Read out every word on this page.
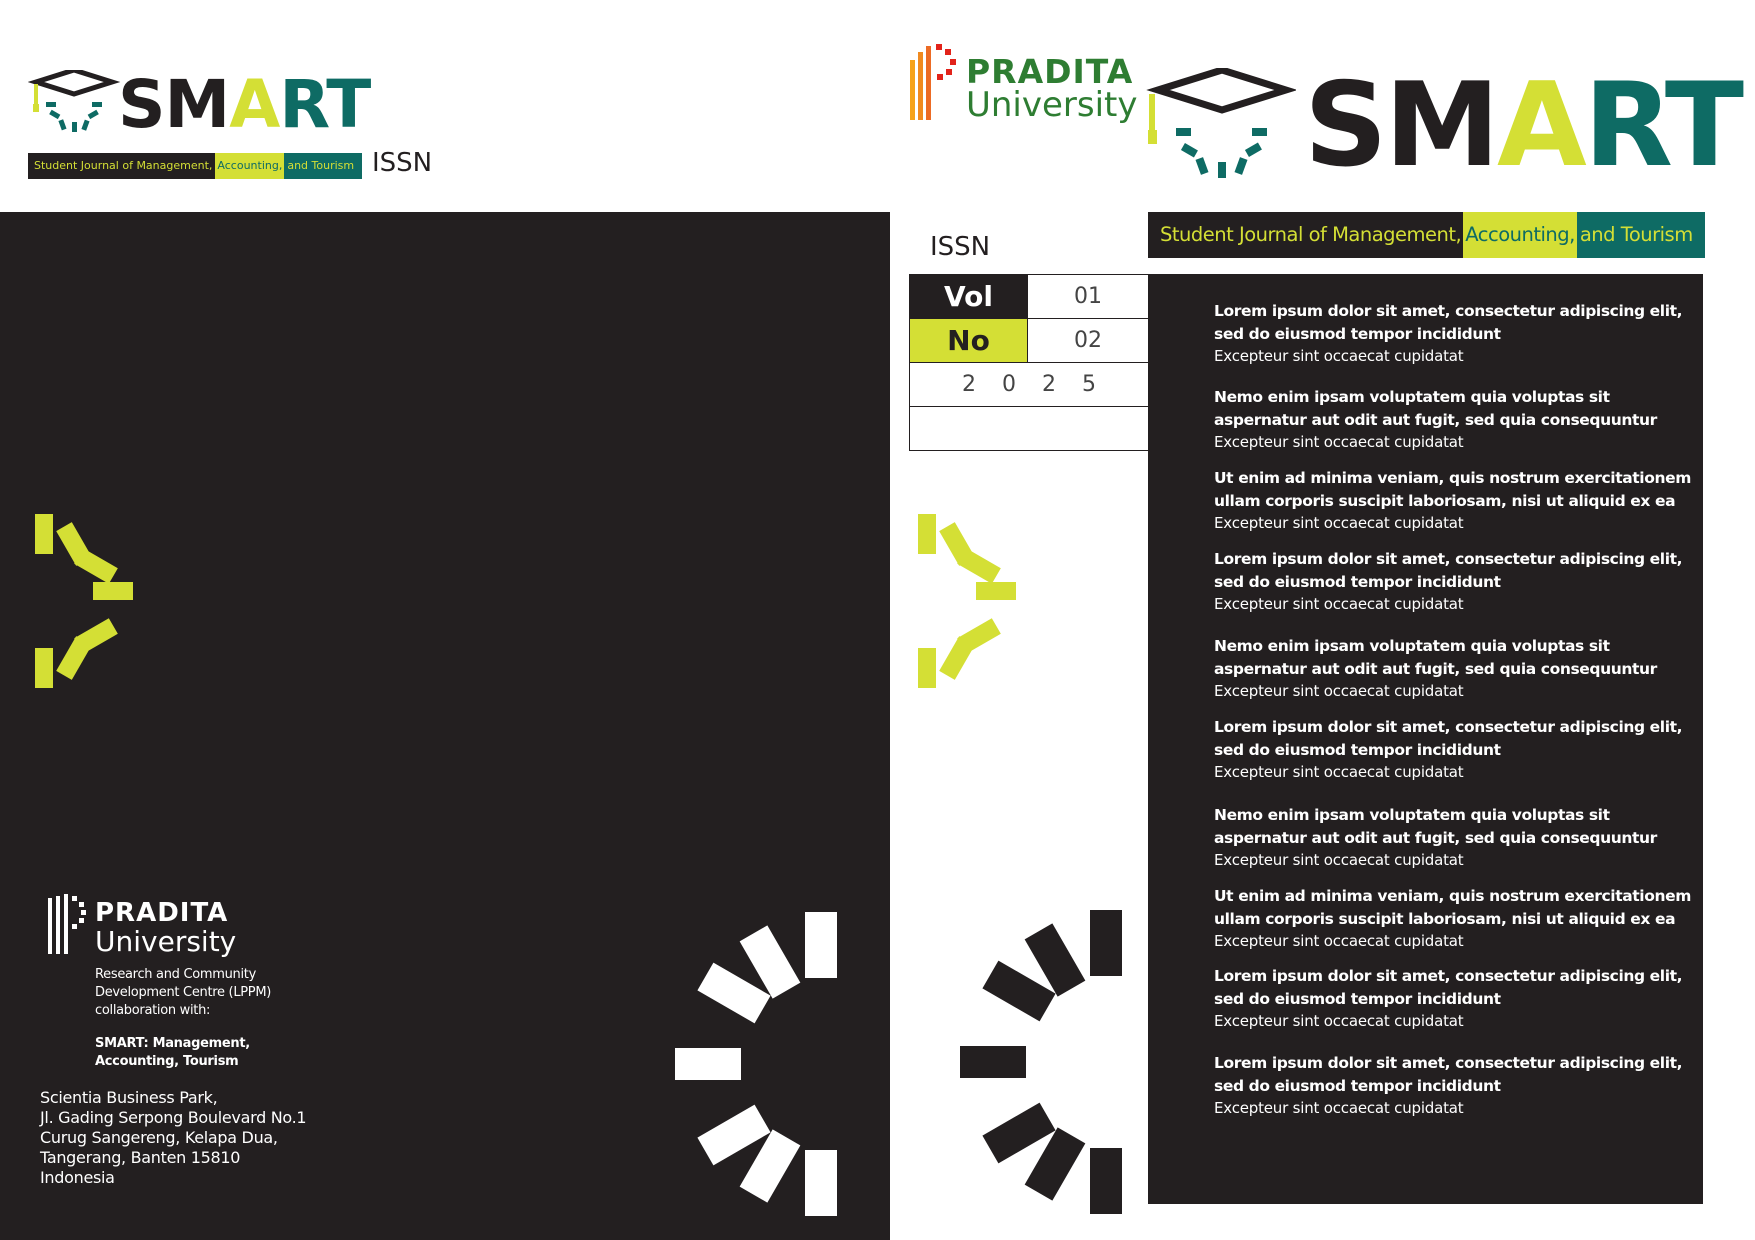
SMART
Student Journal of Management, Accounting, and Tourism ISSN
PRADITA
University
Research and Community
Development Centre (LPPM)
collaboration with:
SMART: Management,
Accounting, Tourism
Scientia Business Park,
Jl. Gading Serpong Boulevard No.1
Curug Sangereng, Kelapa Dua,
Tangerang, Banten 15810
Indonesia
PRADITA
University SMART
Student Journal of Management, Accounting, and Tourism
ISSN
Vol	01
No	02
2025	

Lorem ipsum dolor sit amet, consectetur adipiscing elit, sed do eiusmod tempor incididunt
Excepteur sint occaecat cupidatat
Nemo enim ipsam voluptatem quia voluptas sit aspernatur aut odit aut fugit, sed quia consequuntur
Excepteur sint occaecat cupidatat
Ut enim ad minima veniam, quis nostrum exercitationem ullam corporis suscipit laboriosam, nisi ut aliquid ex ea
Excepteur sint occaecat cupidatat
Lorem ipsum dolor sit amet, consectetur adipiscing elit, sed do eiusmod tempor incididunt
Excepteur sint occaecat cupidatat
Nemo enim ipsam voluptatem quia voluptas sit aspernatur aut odit aut fugit, sed quia consequuntur
Excepteur sint occaecat cupidatat
Lorem ipsum dolor sit amet, consectetur adipiscing elit, sed do eiusmod tempor incididunt
Excepteur sint occaecat cupidatat
Nemo enim ipsam voluptatem quia voluptas sit aspernatur aut odit aut fugit, sed quia consequuntur
Excepteur sint occaecat cupidatat
Ut enim ad minima veniam, quis nostrum exercitationem ullam corporis suscipit laboriosam, nisi ut aliquid ex ea
Excepteur sint occaecat cupidatat
Lorem ipsum dolor sit amet, consectetur adipiscing elit, sed do eiusmod tempor incididunt
Excepteur sint occaecat cupidatat
Lorem ipsum dolor sit amet, consectetur adipiscing elit, sed do eiusmod tempor incididunt
Excepteur sint occaecat cupidatat
